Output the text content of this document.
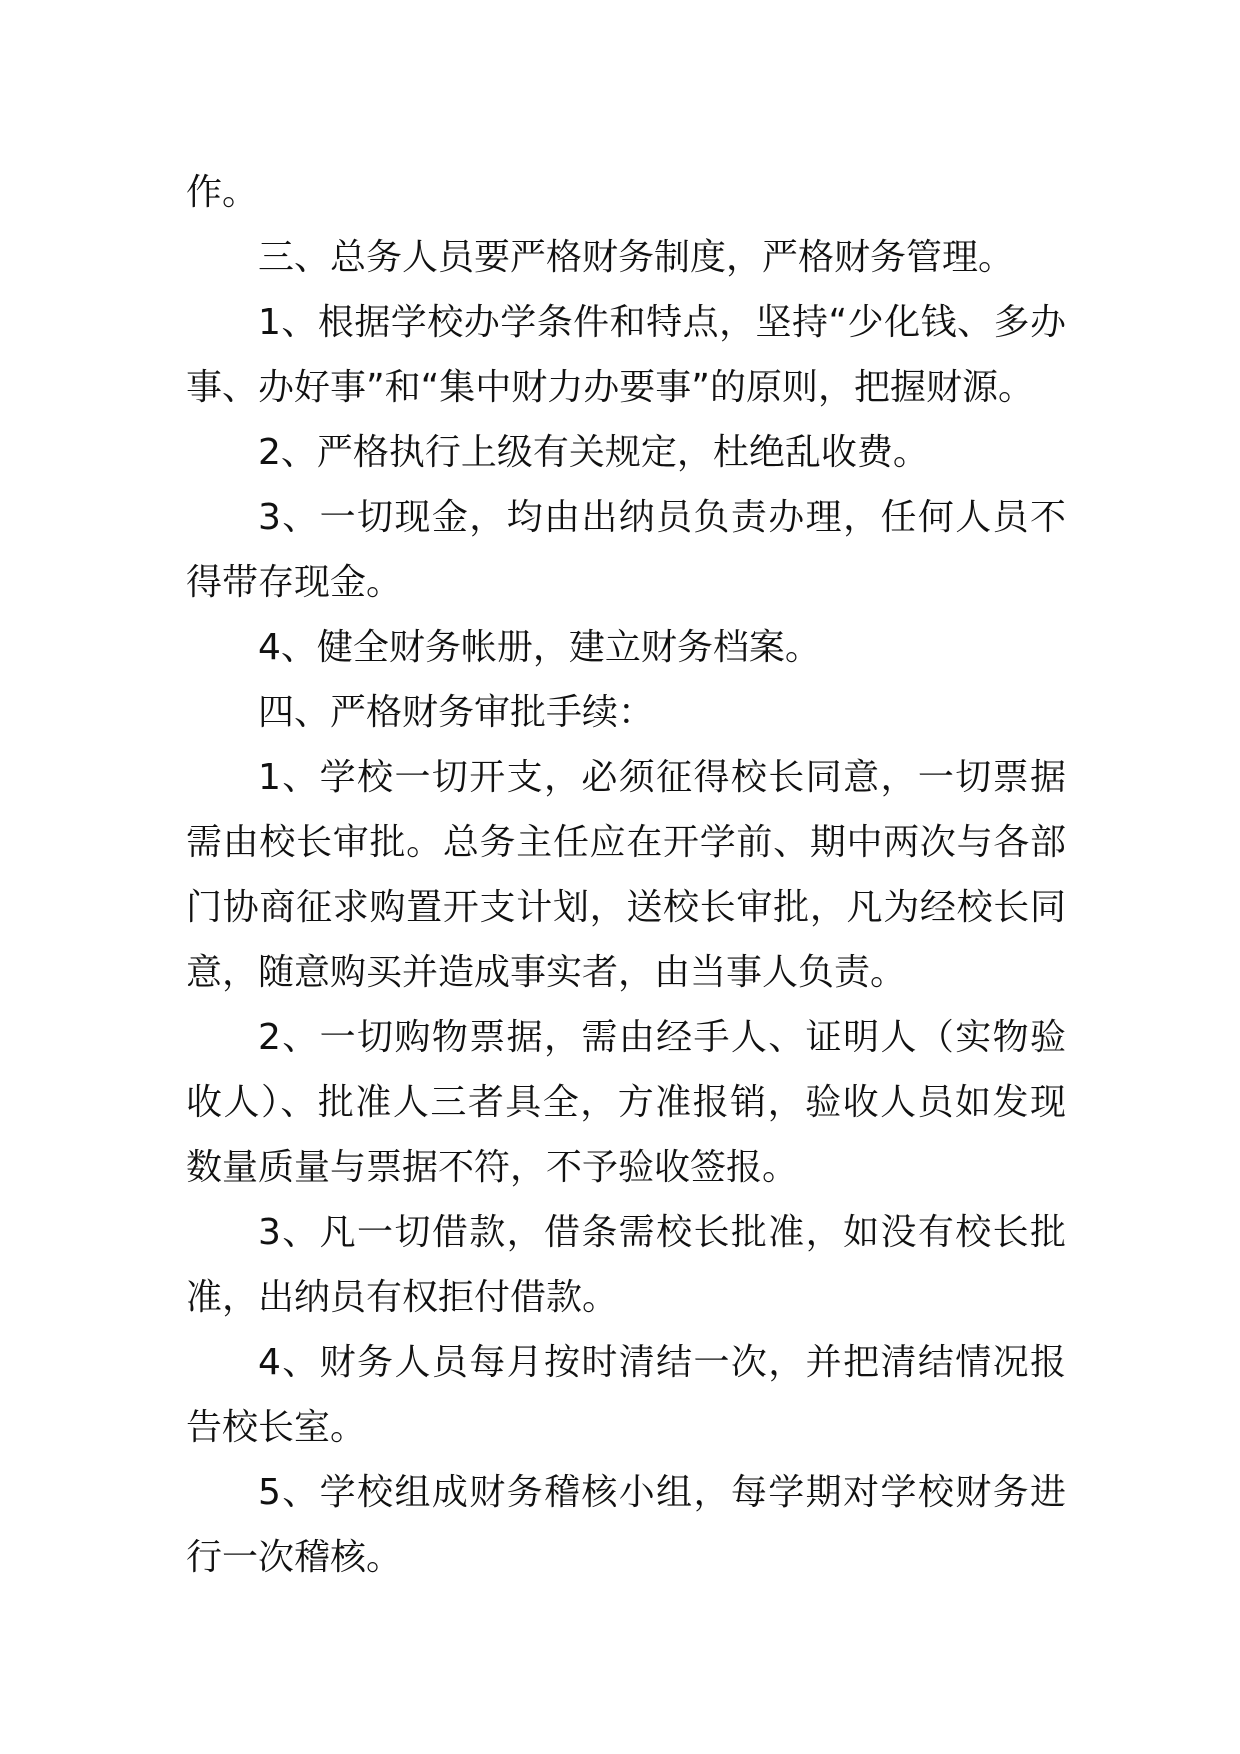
作。

三、总务人员要严格财务制度，严格财务管理。

1、根据学校办学条件和特点，坚持“少化钱、多办事、办好事”和“集中财力办要事”的原则，把握财源。

2、严格执行上级有关规定，杜绝乱收费。

3、一切现金，均由出纳员负责办理，任何人员不得带存现金。

4、健全财务帐册，建立财务档案。

四、严格财务审批手续：

1、学校一切开支，必须征得校长同意，一切票据需由校长审批。总务主任应在开学前、期中两次与各部门协商征求购置开支计划，送校长审批，凡为经校长同意，随意购买并造成事实者，由当事人负责。

2、一切购物票据，需由经手人、证明人（实物验收人）、批准人三者具全，方准报销，验收人员如发现数量质量与票据不符，不予验收签报。

3、凡一切借款，借条需校长批准，如没有校长批准，出纳员有权拒付借款。

4、财务人员每月按时清结一次，并把清结情况报告校长室。

5、学校组成财务稽核小组，每学期对学校财务进行一次稽核。
